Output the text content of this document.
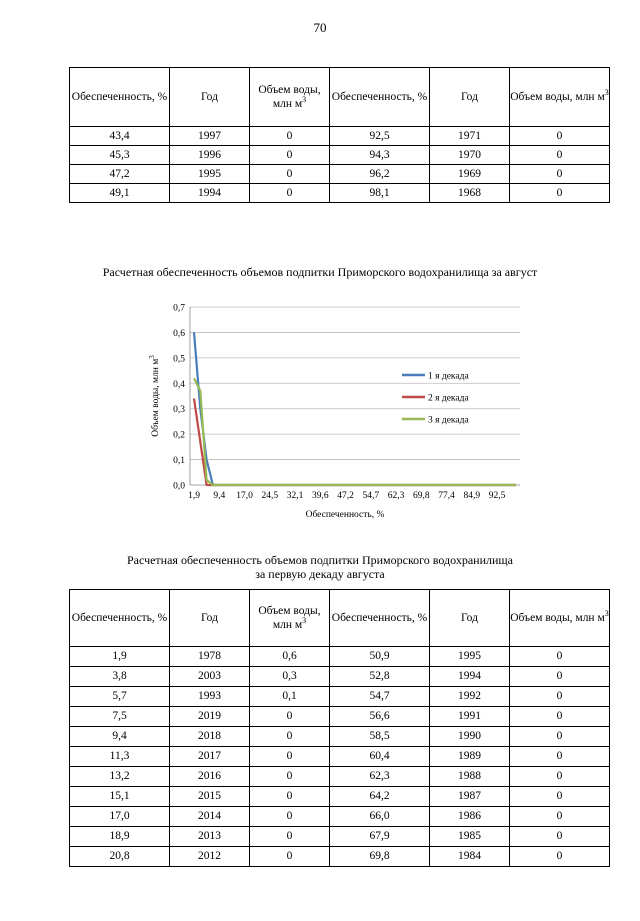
70
Обеспеченность, %	Год	Объем воды, млн $м^3$	Обеспеченность, %	Год	Объем воды, млн $м^3$
43,4	1997	0	92,5	1971	0
45,3	1996	0	94,3	1970	0
47,2	1995	0	96,2	1969	0
49,1	1994	0	98,1	1968	0
Расчетная обеспеченность объемов подпитки Приморского водохранилища за август
0,0
0,1
0,2
0,3
0,4
0,5
0,6
0,7
1,9 9,4 17,0 24,5 32,1 39,6 47,2 54,7 62,3 69,8 77,4 84,9 92,5
Обеспеченность, %
Объем воды, млн $м^3$
1 я декада
2 я декада
3 я декада
Расчетная обеспеченность объемов подпитки Приморского водохранилища
за первую декаду августа
Обеспеченность, %	Год	Объем воды, млн $м^3$	Обеспеченность, %	Год	Объем воды, млн $м^3$
1,9	1978	0,6	50,9	1995	0
3,8	2003	0,3	52,8	1994	0
5,7	1993	0,1	54,7	1992	0
7,5	2019	0	56,6	1991	0
9,4	2018	0	58,5	1990	0
11,3	2017	0	60,4	1989	0
13,2	2016	0	62,3	1988	0
15,1	2015	0	64,2	1987	0
17,0	2014	0	66,0	1986	0
18,9	2013	0	67,9	1985	0
20,8	2012	0	69,8	1984	0
